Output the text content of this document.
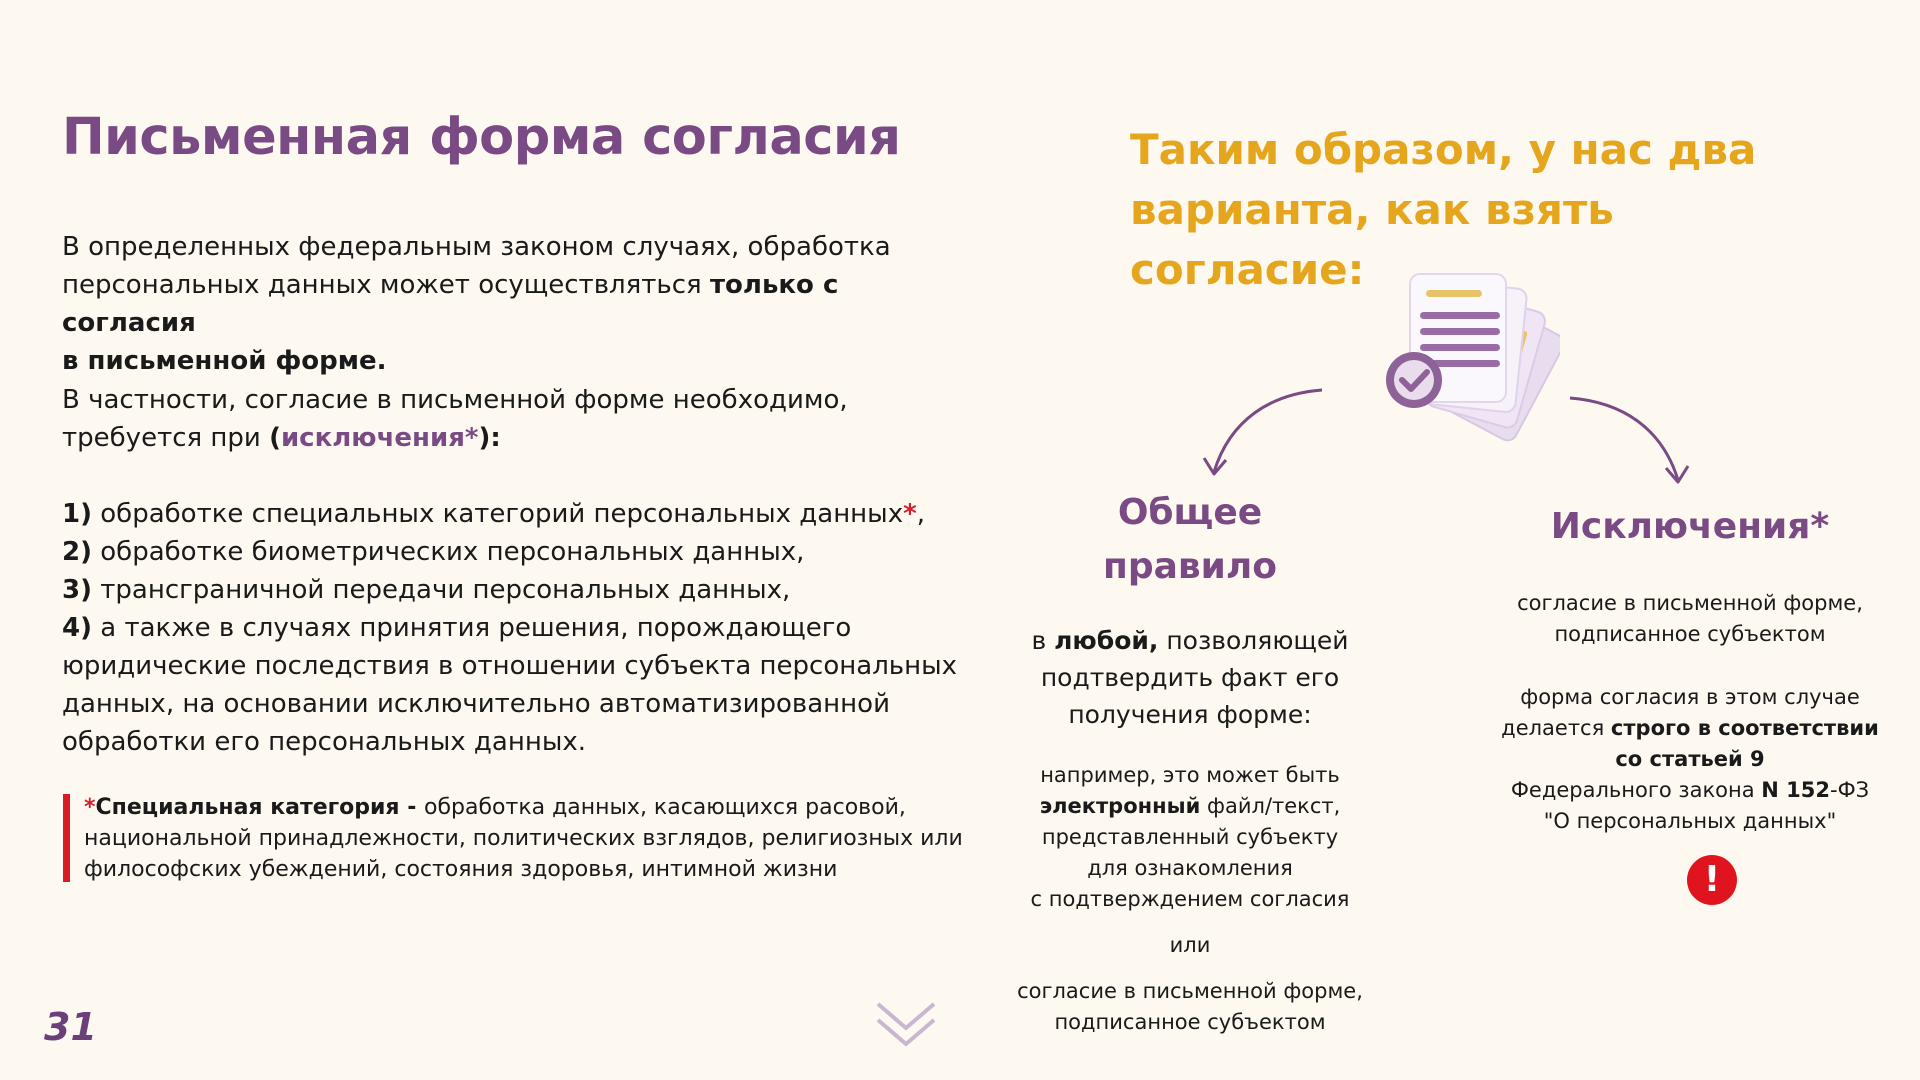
Письменная форма согласия
В определенных федеральным законом случаях, обработка
персональных данных может осуществляться только с согласия
в письменной форме.
В частности, согласие в письменной форме необходимо,
требуется при (исключения*):
1) обработке специальных категорий персональных данных*,
2) обработке биометрических персональных данных,
3) трансграничной передачи персональных данных,
4) а также в случаях принятия решения, порождающего
юридические последствия в отношении субъекта персональных
данных, на основании исключительно автоматизированной
обработки его персональных данных.
*Специальная категория - обработка данных, касающихся расовой,
национальной принадлежности, политических взглядов, религиозных или
философских убеждений, состояния здоровья, интимной жизни
31
Таким образом, у нас два
варианта, как взять согласие:
Общее
правило
в любой, позволяющей
подтвердить факт его
получения форме:
например, это может быть
электронный файл/текст,
представленный субъекту
для ознакомления
с подтверждением согласия
или
согласие в письменной форме,
подписанное субъектом
Исключения*
согласие в письменной форме,
подписанное субъектом
форма согласия в этом случае
делается строго в соответствии
со статьей 9
Федерального закона N 152-ФЗ
"О персональных данных"
!
